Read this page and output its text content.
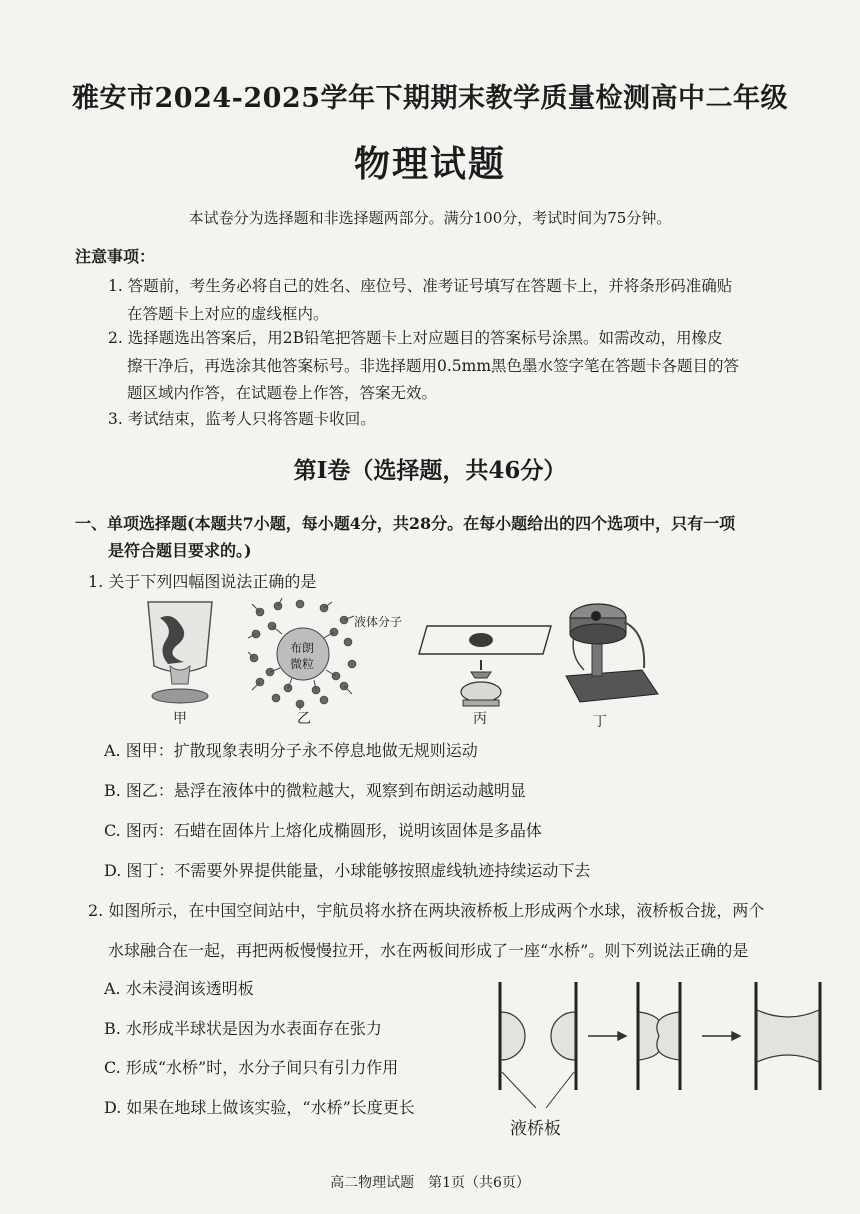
雅安市2024-2025学年下期期末教学质量检测高中二年级
物理试题
本试卷分为选择题和非选择题两部分。满分100分，考试时间为75分钟。
注意事项：
1. 答题前，考生务必将自己的姓名、座位号、准考证号填写在答题卡上，并将条形码准确贴
在答题卡上对应的虚线框内。
2. 选择题选出答案后，用2B铅笔把答题卡上对应题目的答案标号涂黑。如需改动，用橡皮
擦干净后，再选涂其他答案标号。非选择题用0.5mm黑色墨水签字笔在答题卡各题目的答
题区域内作答，在试题卷上作答，答案无效。
3. 考试结束，监考人只将答题卡收回。
第I卷（选择题，共46分）
一、单项选择题(本题共7小题，每小题4分，共28分。在每小题给出的四个选项中，只有一项
是符合题目要求的。)
1. 关于下列四幅图说法正确的是
甲
布朗
微粒
液体分子
乙	丙	丁
A. 图甲：扩散现象表明分子永不停息地做无规则运动
B. 图乙：悬浮在液体中的微粒越大，观察到布朗运动越明显
C. 图丙：石蜡在固体片上熔化成椭圆形，说明该固体是多晶体
D. 图丁：不需要外界提供能量，小球能够按照虚线轨迹持续运动下去
2. 如图所示，在中国空间站中，宇航员将水挤在两块液桥板上形成两个水球，液桥板合拢，两个
水球融合在一起，再把两板慢慢拉开，水在两板间形成了一座“水桥”。则下列说法正确的是
A. 水未浸润该透明板
B. 水形成半球状是因为水表面存在张力
C. 形成“水桥”时，水分子间只有引力作用
D. 如果在地球上做该实验，“水桥”长度更长
液桥板
高二物理试题　第1页（共6页）
